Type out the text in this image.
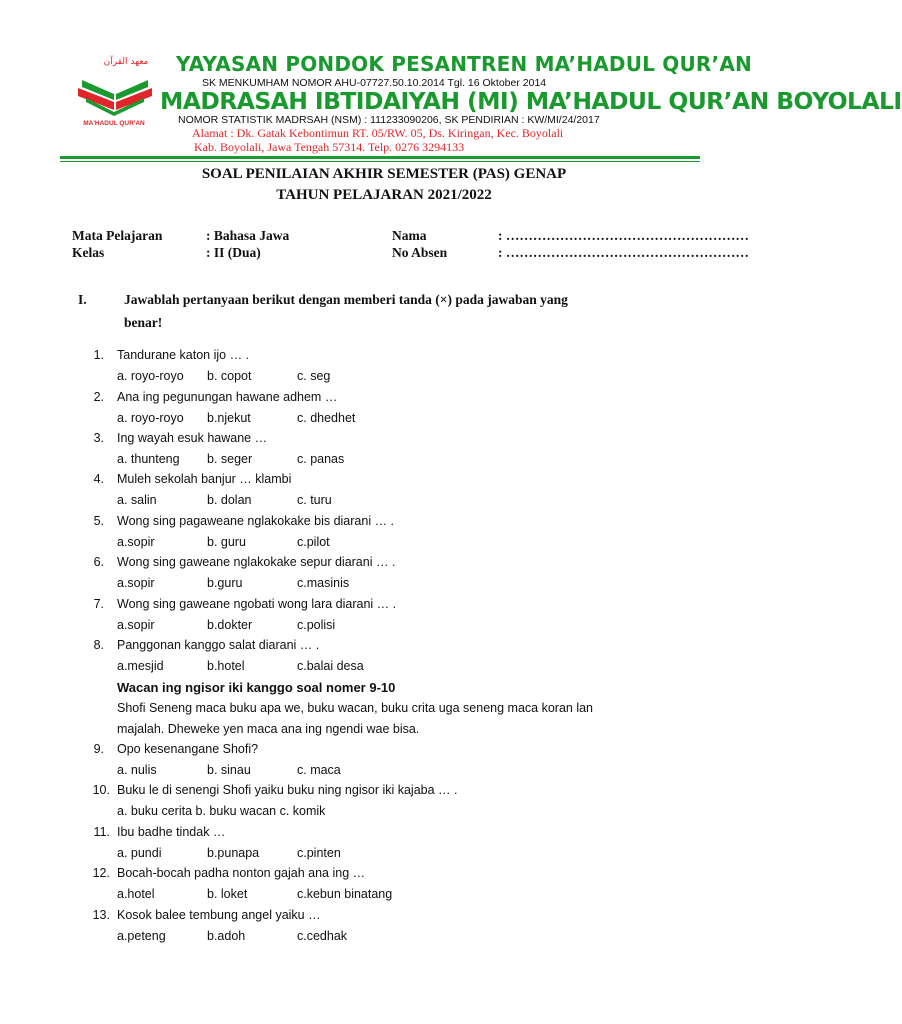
معهد القرآن
MA'HADUL QUR'AN
YAYASAN PONDOK PESANTREN MA’HADUL QUR’AN
SK MENKUMHAM NOMOR AHU-07727.50.10.2014 Tgl. 16 Oktober 2014
MADRASAH IBTIDAIYAH (MI) MA’HADUL QUR’AN BOYOLALI
NOMOR STATISTIK MADRSAH (NSM) : 111233090206, SK PENDIRIAN : KW/MI/24/2017
Alamat : Dk. Gatak Kebontimun RT. 05/RW. 05, Ds. Kiringan, Kec. Boyolali
Kab. Boyolali, Jawa Tengah 57314. Telp. 0276 3294133
SOAL PENILAIAN AKHIR SEMESTER (PAS) GENAP
TAHUN PELAJARAN 2021/2022
Mata Pelajaran	: Bahasa Jawa	Nama	: ………………………………………………
Kelas	: II (Dua)	No Absen	: ………………………………………………
I.	Jawablah pertanyaan berikut dengan memberi tanda (×) pada jawaban yang
benar!
1. Tandurane katon ijo … .
a. royo-royo b. copot	c. seg
2. Ana ing pegunungan hawane adhem …
a. royo-royo b.njekut	c. dhedhet
3. Ing wayah esuk hawane …
a. thunteng b. seger	c. panas
4. Muleh sekolah banjur … klambi
a. salin	b. dolan	c. turu
5. Wong sing pagaweane nglakokake bis diarani … .
a.sopir	b. guru	c.pilot
6. Wong sing gaweane nglakokake sepur diarani … .
a.sopir	b.guru	c.masinis
7. Wong sing gaweane ngobati wong lara diarani … .
a.sopir	b.dokter	c.polisi
8. Panggonan kanggo salat diarani … .
a.mesjid	b.hotel	c.balai desa
Wacan ing ngisor iki kanggo soal nomer 9-10
Shofi Seneng maca buku apa we, buku wacan, buku crita uga seneng maca koran lan
majalah. Dheweke yen maca ana ing ngendi wae bisa.
9. Opo kesenangane Shofi?
a. nulis	b. sinau	c. maca
10. Buku le di senengi Shofi yaiku buku ning ngisor iki kajaba … .
a. buku cerita b. buku wacan c. komik
11. Ibu badhe tindak …
a. pundi	b.punapa	c.pinten
12. Bocah-bocah padha nonton gajah ana ing …
a.hotel	b. loket	c.kebun binatang
13. Kosok balee tembung angel yaiku …
a.peteng	b.adoh	c.cedhak
